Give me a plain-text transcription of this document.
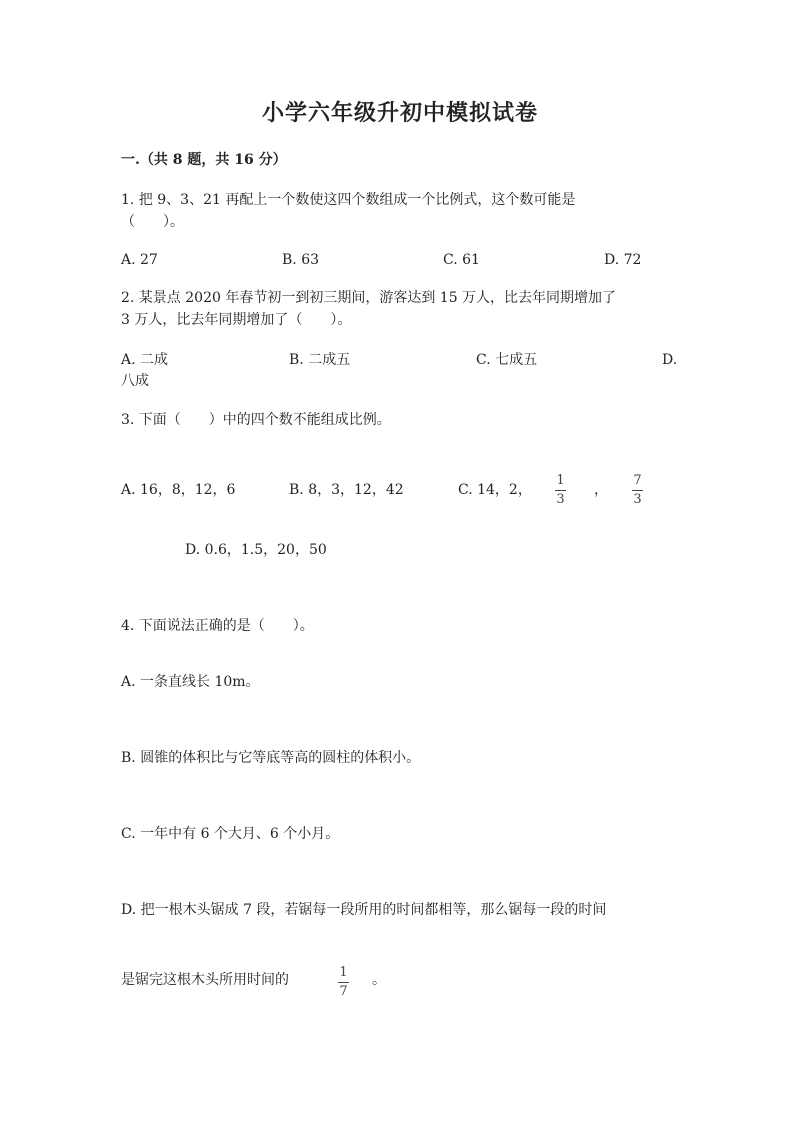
小学六年级升初中模拟试卷
一.（共 8 题，共 16 分）
1. 把 9、3、21 再配上一个数使这四个数组成一个比例式，这个数可能是
（　　）。
A. 27	B. 63	C. 61	D. 72
2. 某景点 2020 年春节初一到初三期间，游客达到 15 万人，比去年同期增加了
3 万人，比去年同期增加了（　　）。
A. 二成	B. 二成五	C. 七成五	D.
八成
3. 下面（　　）中的四个数不能组成比例。
A. 16，8，12，6	B. 8，3，12，42	C. 14，2，
1
3
，
7
3
D. 0.6，1.5，20，50
4. 下面说法正确的是（　　）。
A. 一条直线长 10m。
B. 圆锥的体积比与它等底等高的圆柱的体积小。
C. 一年中有 6 个大月、6 个小月。
D. 把一根木头锯成 7 段，若锯每一段所用的时间都相等，那么锯每一段的时间
是锯完这根木头所用时间的	1
7
。
